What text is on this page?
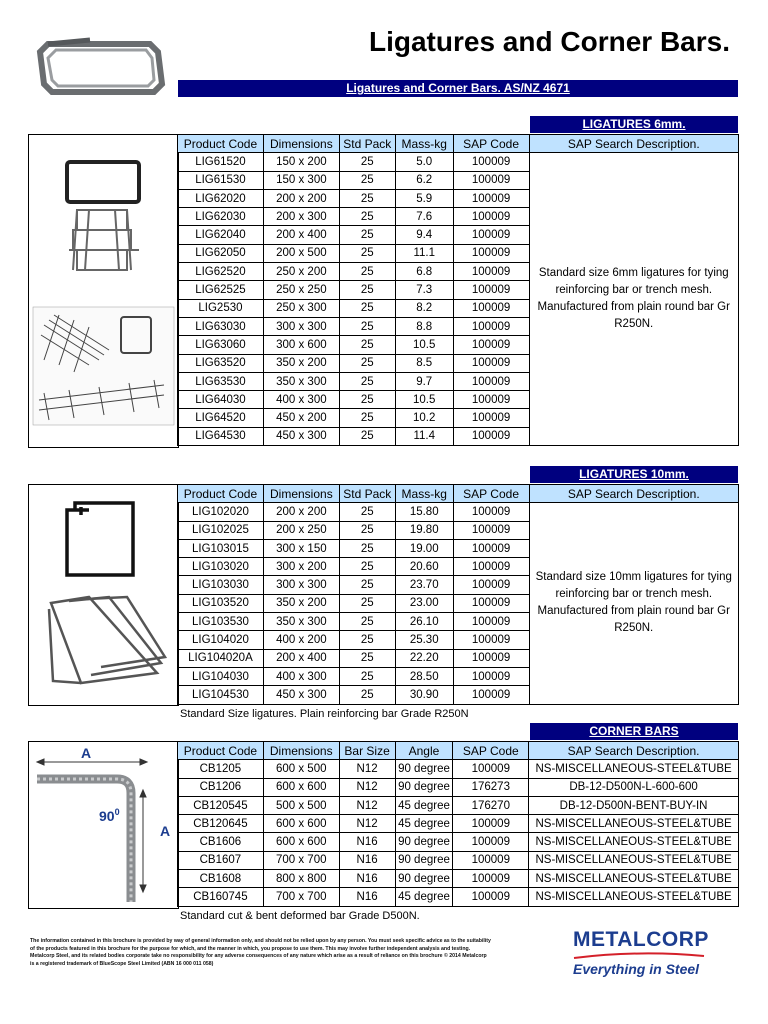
Ligatures and Corner Bars.
Ligatures and Corner Bars. AS/NZ 4671
LIGATURES 6mm.
Product Code	Dimensions	Std Pack	Mass-kg	SAP Code	SAP Search Description.
LIG61520	150 x 200	25	5.0	100009	Standard size 6mm ligatures for tying reinforcing bar or trench mesh. Manufactured from plain round bar Gr R250N.
LIG61530	150 x 300	25	6.2	100009	
LIG62020	200 x 200	25	5.9	100009	
LIG62030	200 x 300	25	7.6	100009	
LIG62040	200 x 400	25	9.4	100009	
LIG62050	200 x 500	25	11.1	100009	
LIG62520	250 x 200	25	6.8	100009	
LIG62525	250 x 250	25	7.3	100009	
LIG2530	250 x 300	25	8.2	100009	
LIG63030	300 x 300	25	8.8	100009	
LIG63060	300 x 600	25	10.5	100009	
LIG63520	350 x 200	25	8.5	100009	
LIG63530	350 x 300	25	9.7	100009	
LIG64030	400 x 300	25	10.5	100009	
LIG64520	450 x 200	25	10.2	100009	
LIG64530	450 x 300	25	11.4	100009	
LIGATURES 10mm.
Product Code	Dimensions	Std Pack	Mass-kg	SAP Code	SAP Search Description.
LIG102020	200 x 200	25	15.80	100009	Standard size 10mm ligatures for tying reinforcing bar or trench mesh. Manufactured from plain round bar Gr R250N.
LIG102025	200 x 250	25	19.80	100009	
LIG103015	300 x 150	25	19.00	100009	
LIG103020	300 x 200	25	20.60	100009	
LIG103030	300 x 300	25	23.70	100009	
LIG103520	350 x 200	25	23.00	100009	
LIG103530	350 x 300	25	26.10	100009	
LIG104020	400 x 200	25	25.30	100009	
LIG104020A	200 x 400	25	22.20	100009	
LIG104030	400 x 300	25	28.50	100009	
LIG104530	450 x 300	25	30.90	100009	
Standard Size ligatures. Plain reinforcing bar Grade R250N
CORNER BARS
A
A
$90^0$
Product Code	Dimensions	Bar Size	Angle	SAP Code	SAP Search Description.
CB1205	600 x 500	N12	90 degree	100009	NS-MISCELLANEOUS-STEEL&TUBE
CB1206	600 x 600	N12	90 degree	176273	DB-12-D500N-L-600-600
CB120545	500 x 500	N12	45 degree	176270	DB-12-D500N-BENT-BUY-IN
CB120645	600 x 600	N12	45 degree	100009	NS-MISCELLANEOUS-STEEL&TUBE
CB1606	600 x 600	N16	90 degree	100009	NS-MISCELLANEOUS-STEEL&TUBE
CB1607	700 x 700	N16	90 degree	100009	NS-MISCELLANEOUS-STEEL&TUBE
CB1608	800 x 800	N16	90 degree	100009	NS-MISCELLANEOUS-STEEL&TUBE
CB160745	700 x 700	N16	45 degree	100009	NS-MISCELLANEOUS-STEEL&TUBE
Standard cut & bent deformed bar Grade D500N.
The information contained in this brochure is provided by way of general information only, and should not be relied upon by any person. You must seek specific advice as to the suitability
of the products featured in this brochure for the purpose for which, and the manner in which, you propose to use them. This may involve further independent analysis and testing.
Metalcorp Steel, and its related bodies corporate take no responsibility for any adverse consequences of any nature which arise as a result of reliance on this brochure © 2014 Metalcorp
is a registered trademark of BlueScope Steel Limited (ABN 16 000 011 058)
METALCORP
Everything in Steel
